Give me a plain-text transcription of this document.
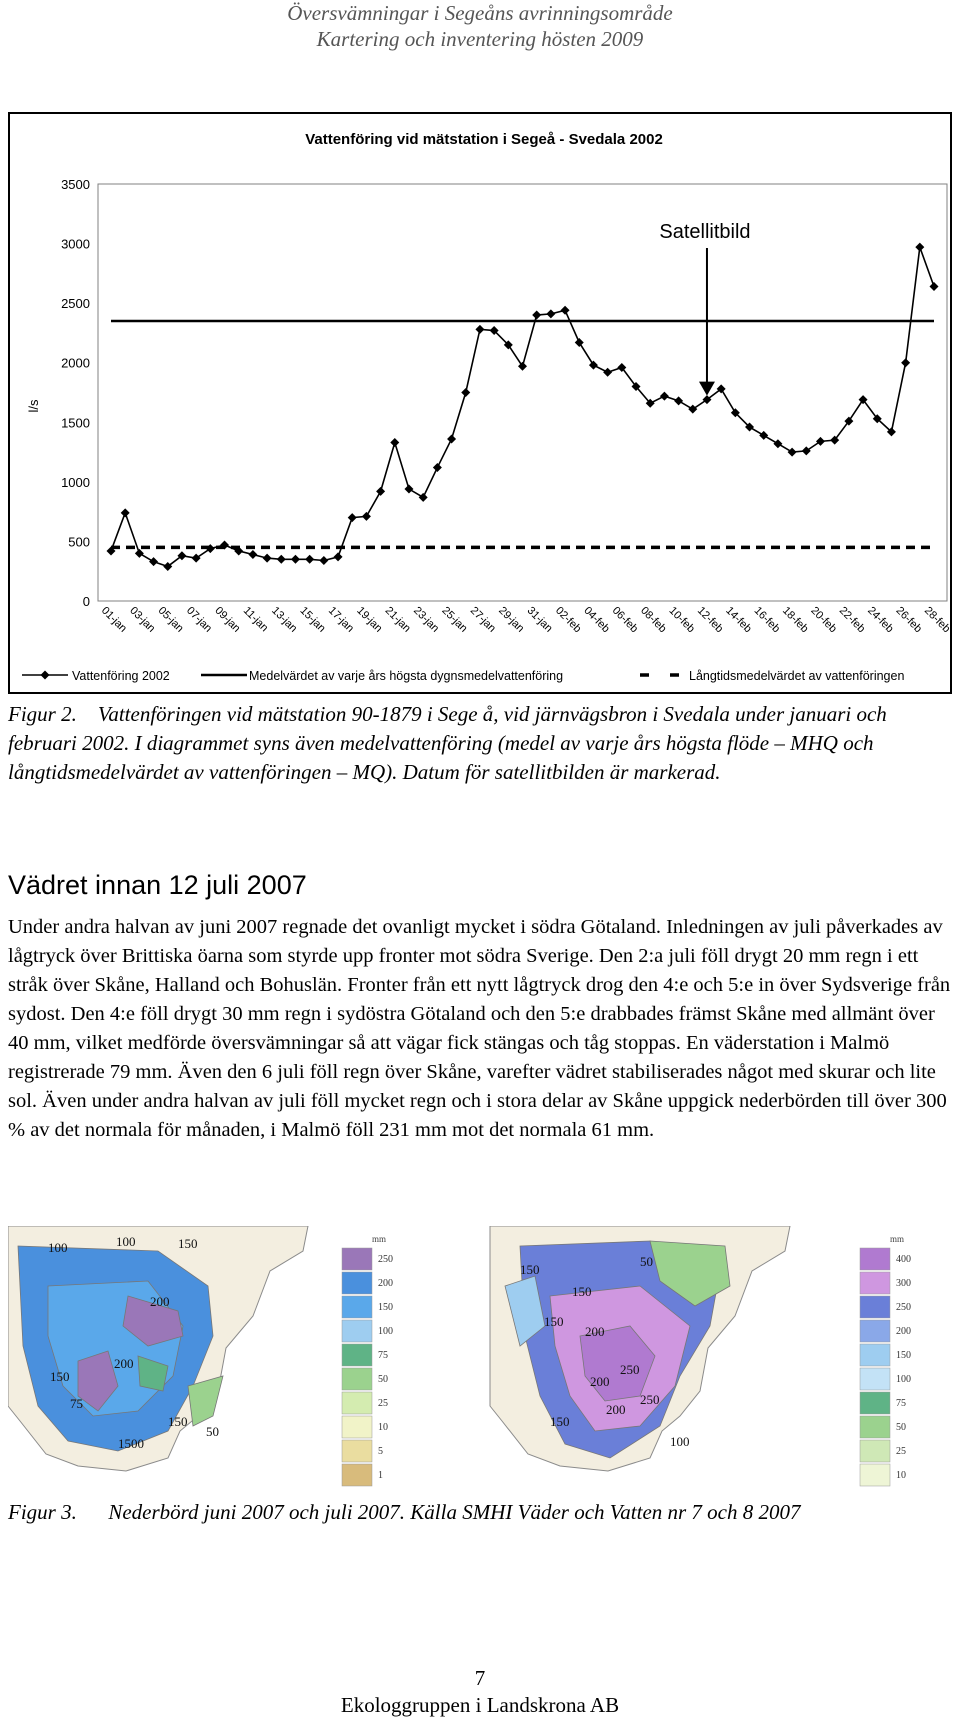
Översvämningar i Segeåns avrinningsområde
Kartering och inventering hösten 2009
Vattenföring vid mätstation i Segeå - Svedala 2002
0
500
1000
1500
2000
2500
3000
3500
l/s
01-jan
03-jan
05-jan
07-jan
09-jan
11-jan
13-jan
15-jan
17-jan
19-jan
21-jan
23-jan
25-jan
27-jan
29-jan
31-jan
02-feb
04-feb
06-feb
08-feb
10-feb
12-feb
14-feb
16-feb
18-feb
20-feb
22-feb
24-feb
26-feb
28-feb
Satellitbild
Vattenföring 2002	Medelvärdet av varje års högsta dygnsmedelvattenföring	Långtidsmedelvärdet av vattenföringen
Figur 2. Vattenföringen vid mätstation 90-1879 i Sege å, vid järnvägsbron i Svedala under januari och februari 2002. I diagrammet syns även medelvattenföring (medel av varje års högsta flöde – MHQ och långtidsmedelvärdet av vattenföringen – MQ). Datum för satellitbilden är markerad.
Vädret innan 12 juli 2007
Under andra halvan av juni 2007 regnade det ovanligt mycket i södra Götaland. Inledningen av juli påverkades av lågtryck över Brittiska öarna som styrde upp fronter mot södra Sverige. Den 2:a juli föll drygt 20 mm regn i ett stråk över Skåne, Halland och Bohuslän. Fronter från ett nytt lågtryck drog den 4:e och 5:e in över Sydsverige från sydost. Den 4:e föll drygt 30 mm regn i sydöstra Götaland och den 5:e drabbades främst Skåne med allmänt över 40 mm, vilket medförde översvämningar så att vägar fick stängas och tåg stoppas. En väderstation i Malmö registrerade 79 mm. Även den 6 juli föll regn över Skåne, varefter vädret stabiliserades något med skurar och lite sol. Även under andra halvan av juli föll mycket regn och i stora delar av Skåne uppgick nederbörden till över 300 % av det normala för månaden, i Malmö föll 231 mm mot det normala 61 mm.
100	100	150
200
150
200
150
75
50
1500
mm
250
200
150
100
75
50
25
10
5
1
150
150
50
150
200
250
200
200
250
150
100
mm
400
300
250
200
150
100
75
50
25
10
Figur 3. Nederbörd juni 2007 och juli 2007. Källa SMHI Väder och Vatten nr 7 och 8 2007
7
Ekologgruppen i Landskrona AB
